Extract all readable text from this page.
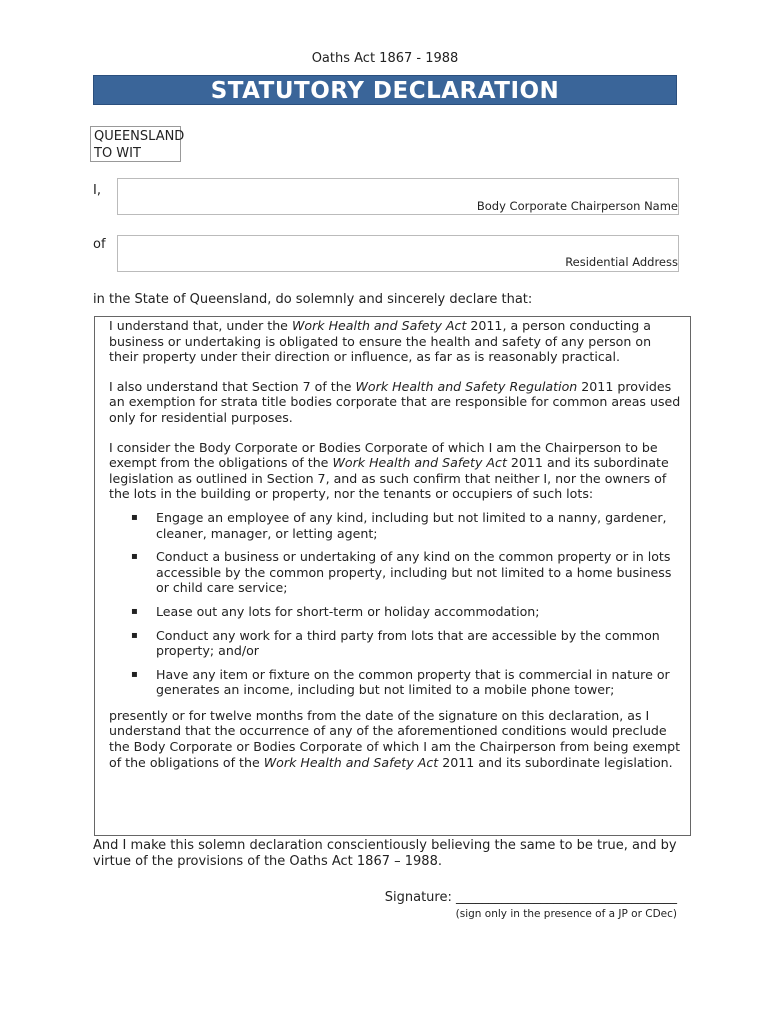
Oaths Act 1867 - 1988
STATUTORY DECLARATION
QUEENSLAND
TO WIT
I,
Body Corporate Chairperson Name
of
Residential Address
in the State of Queensland, do solemnly and sincerely declare that:

I understand that, under the Work Health and Safety Act 2011, a person conducting a business or undertaking is obligated to ensure the health and safety of any person on their property under their direction or influence, as far as is reasonably practical.

I also understand that Section 7 of the Work Health and Safety Regulation 2011 provides an exemption for strata title bodies corporate that are responsible for common areas used only for residential purposes.

I consider the Body Corporate or Bodies Corporate of which I am the Chairperson to be exempt from the obligations of the Work Health and Safety Act 2011 and its subordinate legislation as outlined in Section 7, and as such confirm that neither I, nor the owners of the lots in the building or property, nor the tenants or occupiers of such lots:

▪ Engage an employee of any kind, including but not limited to a nanny, gardener, cleaner, manager, or letting agent;
▪ Conduct a business or undertaking of any kind on the common property or in lots accessible by the common property, including but not limited to a home business or child care service;
▪ Lease out any lots for short-term or holiday accommodation;
▪ Conduct any work for a third party from lots that are accessible by the common property; and/or
▪ Have any item or fixture on the common property that is commercial in nature or generates an income, including but not limited to a mobile phone tower;

presently or for twelve months from the date of the signature on this declaration, as I understand that the occurrence of any of the aforementioned conditions would preclude the Body Corporate or Bodies Corporate of which I am the Chairperson from being exempt of the obligations of the Work Health and Safety Act 2011 and its subordinate legislation.

And I make this solemn declaration conscientiously believing the same to be true, and by virtue of the provisions of the Oaths Act 1867 – 1988.
Signature: __________________________________
(sign only in the presence of a JP or CDec)
